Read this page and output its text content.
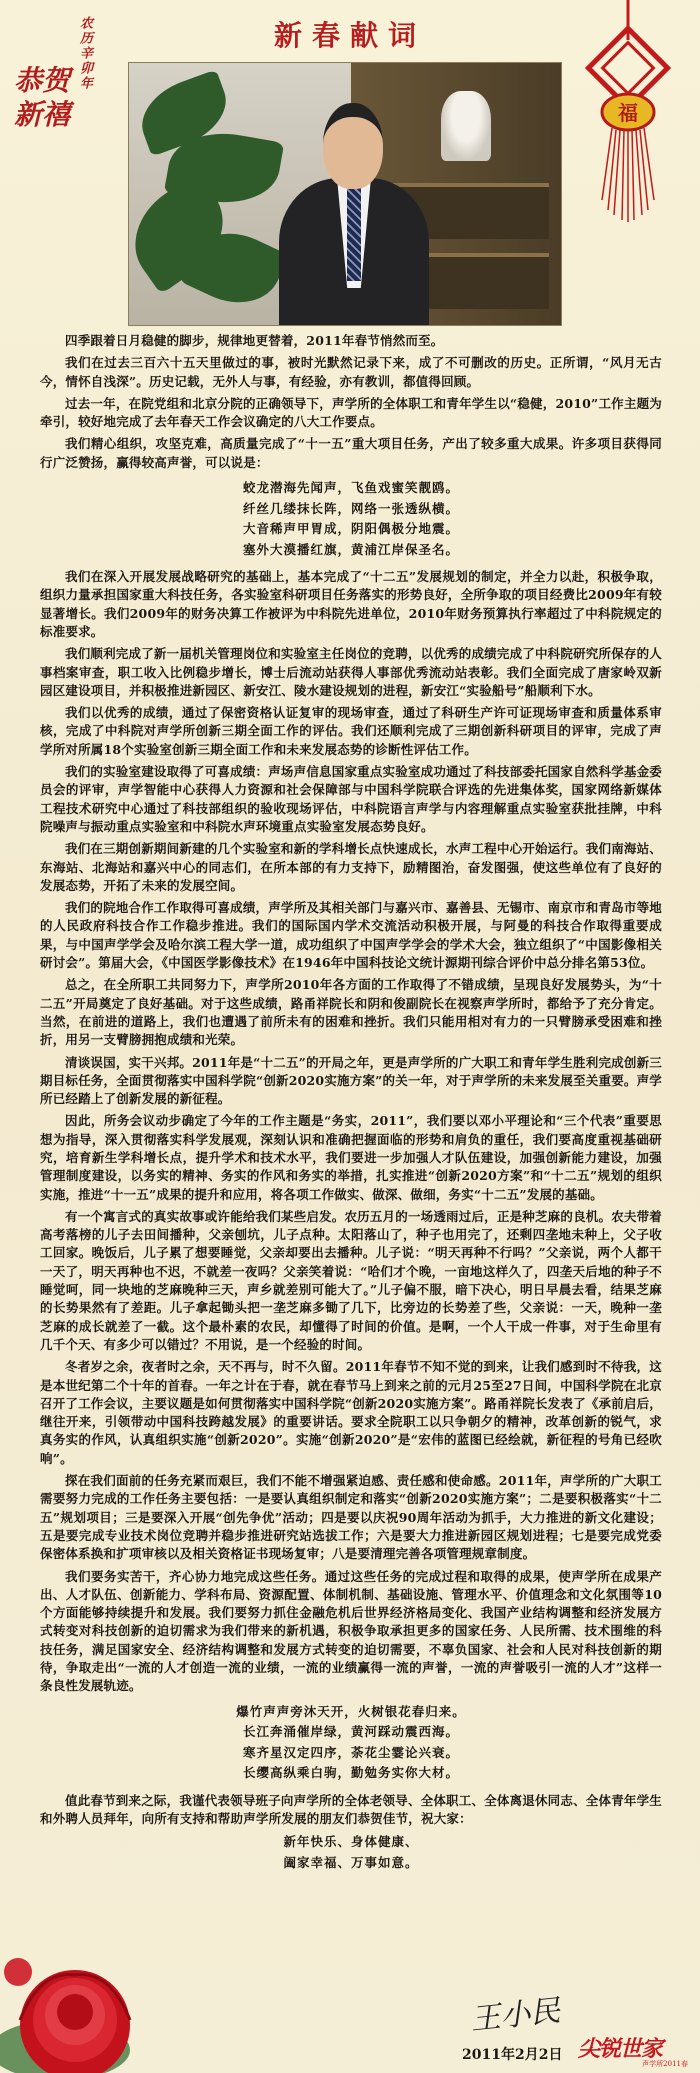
农历辛卯年
恭贺新禧	福
新春献词

四季跟着日月稳健的脚步，规律地更替着，2011年春节悄然而至。

我们在过去三百六十五天里做过的事，被时光默然记录下来，成了不可删改的历史。正所谓，“风月无古今，情怀自浅深”。历史记载，无外人与事，有经验，亦有教训，都值得回顾。

过去一年，在院党组和北京分院的正确领导下，声学所的全体职工和青年学生以“稳健，2010”工作主题为牵引，较好地完成了去年春天工作会议确定的八大工作要点。

我们精心组织，攻坚克难，高质量完成了“十一五”重大项目任务，产出了较多重大成果。许多项目获得同行广泛赞扬，赢得较高声誉，可以说是：

蛟龙潜海先闻声，飞鱼戏蜜笑靓鸥。
纤丝几缕抹长阵，网络一张透纵横。
大音稀声甲胃成，阴阳偶极分地震。
塞外大漠播红旗，黄浦江岸保圣名。

我们在深入开展发展战略研究的基础上，基本完成了“十二五”发展规划的制定，并全力以赴，积极争取，组织力量承担国家重大科技任务，各实验室科研项目任务落实的形势良好，全所争取的项目经费比2009年有较显著增长。我们2009年的财务决算工作被评为中科院先进单位，2010年财务预算执行率超过了中科院规定的标准要求。

我们顺利完成了新一届机关管理岗位和实验室主任岗位的竞聘，以优秀的成绩完成了中科院研究所保存的人事档案审查，职工收入比例稳步增长，博士后流动站获得人事部优秀流动站表彰。我们全面完成了唐家岭双新园区建设项目，并积极推进新园区、新安江、陵水建设规划的进程，新安江“实验船号”船顺利下水。

我们以优秀的成绩，通过了保密资格认证复审的现场审查，通过了科研生产许可证现场审查和质量体系审核，完成了中科院对声学所创新三期全面工作的评估。我们还顺利完成了三期创新科研项目的评审，完成了声学所对所属18个实验室创新三期全面工作和未来发展态势的诊断性评估工作。

我们的实验室建设取得了可喜成绩：声场声信息国家重点实验室成功通过了科技部委托国家自然科学基金委员会的评审，声学智能中心获得人力资源和社会保障部与中国科学院联合评选的先进集体奖，国家网络新媒体工程技术研究中心通过了科技部组织的验收现场评估，中科院语言声学与内容理解重点实验室获批挂牌，中科院噪声与振动重点实验室和中科院水声环境重点实验室发展态势良好。

我们在三期创新期间新建的几个实验室和新的学科增长点快速成长，水声工程中心开始运行。我们南海站、东海站、北海站和嘉兴中心的同志们，在所本部的有力支持下，励精图治，奋发图强，使这些单位有了良好的发展态势，开拓了未来的发展空间。

我们的院地合作工作取得可喜成绩，声学所及其相关部门与嘉兴市、嘉善县、无锡市、南京市和青岛市等地的人民政府科技合作工作稳步推进。我们的国际国内学术交流活动积极开展，与阿曼的科技合作取得重要成果，与中国声学学会及哈尔滨工程大学一道，成功组织了中国声学学会的学术大会，独立组织了“中国影像相关研讨会”。第届大会，《中国医学影像技术》在1946年中国科技论文统计源期刊综合评价中总分排名第53位。

总之，在全所职工共同努力下，声学所2010年各方面的工作取得了不错成绩，呈现良好发展势头，为“十二五”开局奠定了良好基础。对于这些成绩，路甬祥院长和阴和俊副院长在视察声学所时，都给予了充分肯定。当然，在前进的道路上，我们也遭遇了前所未有的困难和挫折。我们只能用相对有力的一只臂膀承受困难和挫折，用另一支臂膀拥抱成绩和光荣。

清谈误国，实干兴邦。2011年是“十二五”的开局之年，更是声学所的广大职工和青年学生胜利完成创新三期目标任务，全面贯彻落实中国科学院“创新2020实施方案”的关一年，对于声学所的未来发展至关重要。声学所已经踏上了创新发展的新征程。

因此，所务会议动步确定了今年的工作主题是“务实，2011”，我们要以邓小平理论和“三个代表”重要思想为指导，深入贯彻落实科学发展观，深刻认识和准确把握面临的形势和肩负的重任，我们要高度重视基础研究，培育新生学科增长点，提升学术和技术水平，我们要进一步加强人才队伍建设，加强创新能力建设，加强管理制度建设，以务实的精神、务实的作风和务实的举措，扎实推进“创新2020方案”和“十二五”规划的组织实施，推进“十一五”成果的提升和应用，将各项工作做实、做深、做细，务实“十二五”发展的基础。

有一个寓言式的真实故事或许能给我们某些启发。农历五月的一场透雨过后，正是种芝麻的良机。农夫带着高考落榜的儿子去田间播种，父亲刨坑，儿子点种。太阳落山了，种子也用完了，还剩四垄地未种上，父子收工回家。晚饭后，儿子累了想要睡觉，父亲却要出去播种。儿子说：“明天再种不行吗？”父亲说，两个人都干一天了，明天再种也不迟，不就差一夜吗？父亲笑着说：“哈们才个晚，一亩地这样久了，四垄天后地的种子不睡觉呵，同一块地的芝麻晚种三天，声乡就差别可能大了。”儿子偏不服，暗下决心，明日早晨去看，结果芝麻的长势果然有了差距。儿子拿起锄头把一垄芝麻多锄了几下，比旁边的长势差了些，父亲说：一天，晚种一垄芝麻的成长就差了一截。这个最朴素的农民，却懂得了时间的价值。是啊，一个人干成一件事，对于生命里有几千个天、有多少可以错过？不用说，是一个经验的时间。

冬者岁之余，夜者时之余，天不再与，时不久留。2011年春节不知不觉的到来，让我们感到时不待我，这是本世纪第二个十年的首春。一年之计在于春，就在春节马上到来之前的元月25至27日间，中国科学院在北京召开了工作会议，主要议题是如何贯彻落实中国科学院“创新2020实施方案”。路甬祥院长发表了《承前启后，继往开来，引领带动中国科技跨越发展》的重要讲话。要求全院职工以只争朝夕的精神，改革创新的锐气，求真务实的作风，认真组织实施“创新2020”。实施“创新2020”是“宏伟的蓝图已经绘就，新征程的号角已经吹响”。

探在我们面前的任务充紧而艰巨，我们不能不增强紧迫感、责任感和使命感。2011年，声学所的广大职工需要努力完成的工作任务主要包括：一是要认真组织制定和落实“创新2020实施方案”；二是要积极落实“十二五”规划项目；三是要深入开展“创先争优”活动；四是要以庆祝90周年活动为抓手，大力推进的新文化建设；五是要完成专业技术岗位竞聘并稳步推进研究站选拔工作；六是要大力推进新园区规划进程；七是要完成党委保密体系换和扩项审核以及相关资格证书现场复审；八是要清理完善各项管理规章制度。

我们要务实苦干，齐心协力地完成这些任务。通过这些任务的完成过程和取得的成果，使声学所在成果产出、人才队伍、创新能力、学科布局、资源配置、体制机制、基础设施、管理水平、价值理念和文化氛围等10个方面能够持续提升和发展。我们要努力抓住金融危机后世界经济格局变化、我国产业结构调整和经济发展方式转变对科技创新的迫切需求为我们带来的新机遇，积极争取承担更多的国家任务、人民所需、技术围维的科技任务，满足国家安全、经济结构调整和发展方式转变的迫切需要，不辜负国家、社会和人民对科技创新的期待，争取走出“一流的人才创造一流的业绩，一流的业绩赢得一流的声誉，一流的声誉吸引一流的人才”这样一条良性发展轨迹。

爆竹声声旁沐天开，火树银花春归来。
长江奔涌催岸绿，黄河踩动震西海。
寒齐星汉定四序，荼花尘霎论兴衰。
长缨高纵乘白驹，勤勉务实你大材。

值此春节到来之际，我谨代表领导班子向声学所的全体老领导、全体职工、全体离退休同志、全体青年学生和外聘人员拜年，向所有支持和帮助声学所发展的朋友们恭贺佳节，祝大家：

新年快乐、身体健康、
阖家幸福、万事如意。
王小民
2011年2月2日 尖锐世家
声学所2011春
